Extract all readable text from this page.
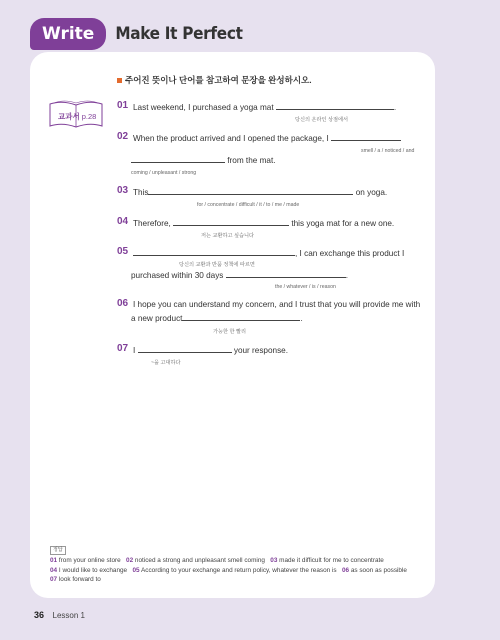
Write	Make It Perfect
주어진 뜻이나 단어를 참고하여 문장을 완성하시오.
교과서 p.28
01 Last weekend, I purchased a yoga mat	.
당신의 온라인 상점에서
02 When the product arrived and I opened the package, I
smell / a / noticed / and
from the mat.
coming / unpleasant / strong
03 This	on yoga.
for / concentrate / difficult / it / to / me / made
04 Therefore,	this yoga mat for a new one.
저는 교환하고 싶습니다
05	, I can exchange this product I
당신의 교환과 반품 정책에 따르면
purchased within 30 days	.
the / whatever / is / reason
06 I hope you can understand my concern, and I trust that you will provide me with
a new product	.
가능한 한 빨리
07 I	your response.
~을 고대하다
정답
01 from your online store 02 noticed a strong and unpleasant smell coming 03 made it difficult for me to concentrate
04 I would like to exchange 05 According to your exchange and return policy, whatever the reason is 06 as soon as possible
07 look forward to
36 Lesson 1
